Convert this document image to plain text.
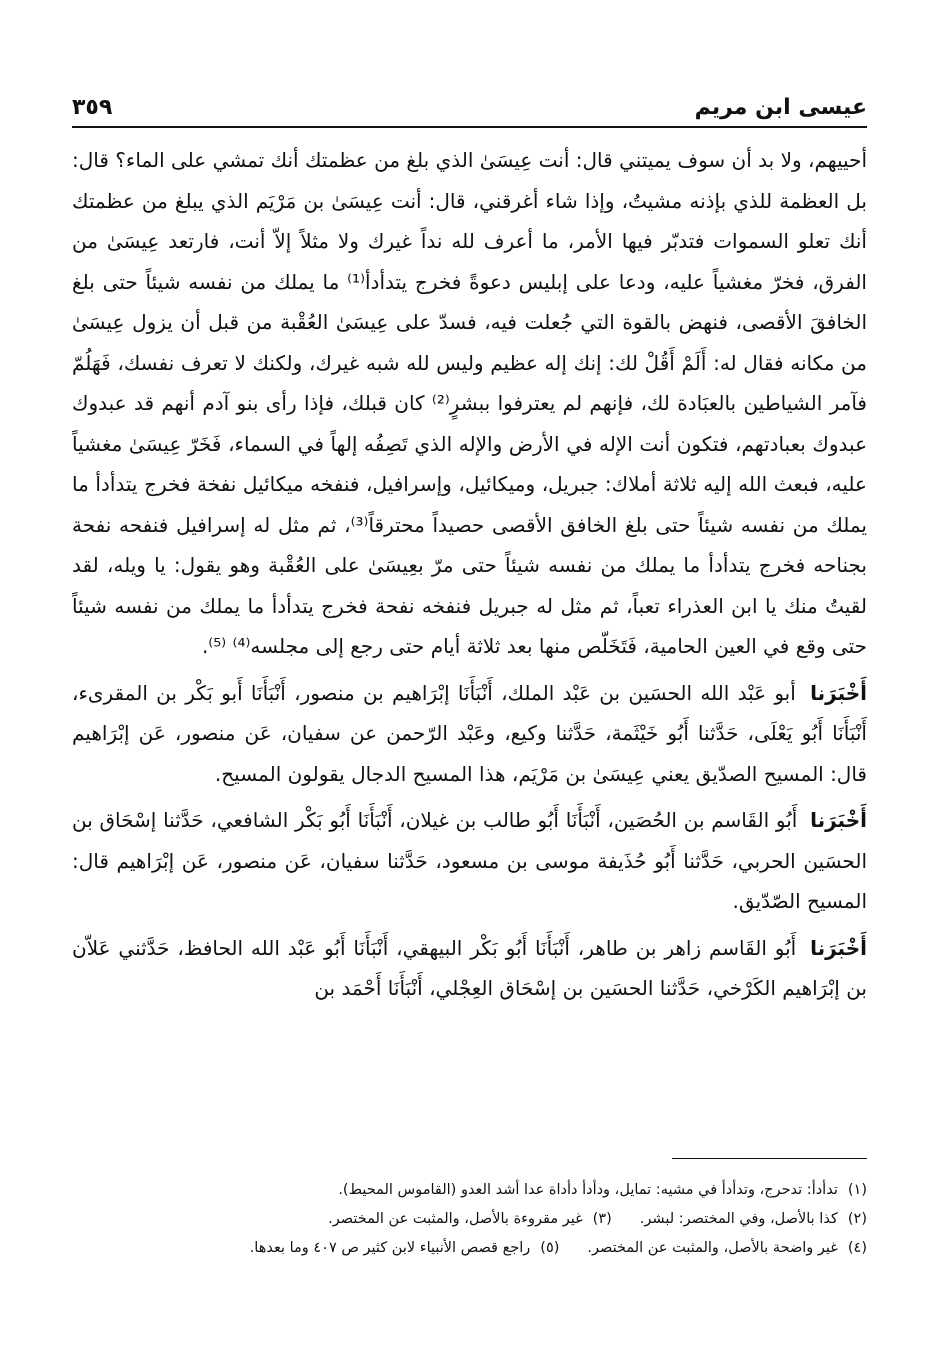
عيسى ابن مريم
٣٥٩

أحييهم، ولا بد أن سوف يميتني قال: أنت عِيسَىٰ الذي بلغ من عظمتك أنك تمشي على الماء؟ قال: بل العظمة للذي بإذنه مشيتُ، وإذا شاء أغرقني، قال: أنت عِيسَىٰ بن مَرْيَم الذي يبلغ من عظمتك أنك تعلو السموات فتدبّر فيها الأمر، ما أعرف لله نداً غيرك ولا مثلاً إلاّ أنت، فارتعد عِيسَىٰ من الفرق، فخرّ مغشياً عليه، ودعا على إبليس دعوةً فخرج يتدأدأ⁽¹⁾ ما يملك من نفسه شيئاً حتى بلغ الخافقَ الأقصى، فنهض بالقوة التي جُعلت فيه، فسدّ على عِيسَىٰ العُقْبة من قبل أن يزول عِيسَىٰ من مكانه فقال له: أَلَمْ أَقُلْ لك: إنك إله عظيم وليس لله شبه غيرك، ولكنك لا تعرف نفسك، فَهَلُمّ فآمر الشياطين بالعبَادة لك، فإنهم لم يعترفوا ببشرٍ⁽²⁾ كان قبلك، فإذا رأى بنو آدم أنهم قد عبدوك عبدوك بعبادتهم، فتكون أنت الإله في الأرض والإله الذي تَصِفُه إلهاً في السماء، فَخَرّ عِيسَىٰ مغشياً عليه، فبعث الله إليه ثلاثة أملاك: جبريل، وميكائيل، وإسرافيل، فنفخه ميكائيل نفخة فخرج يتدأدأ ما يملك من نفسه شيئاً حتى بلغ الخافق الأقصى حصيداً محترقاً⁽³⁾، ثم مثل له إسرافيل فنفحه نفحة بجناحه فخرج يتدأدأ ما يملك من نفسه شيئاً حتى مرّ بعِيسَىٰ على العُقْبة وهو يقول: يا ويله، لقد لقيتُ منك يا ابن العذراء تعباً، ثم مثل له جبريل فنفخه نفحة فخرج يتدأدأ ما يملك من نفسه شيئاً حتى وقع في العين الحامية، فَتَخَلّص منها بعد ثلاثة أيام حتى رجع إلى مجلسه⁽⁴⁾ ⁽⁵⁾.

أَخْبَرَنا أبو عَبْد الله الحسَين بن عَبْد الملك، أَنْبَأَنَا إبْرَاهيم بن منصور، أَنْبَأَنَا أَبو بَكْر بن المقرىء، أَنْبَأَنَا أَبُو يَعْلَى، حَدَّثنا أَبُو خَيْثَمة، حَدَّثنا وكيع، وعَبْد الرّحمن عن سفيان، عَن منصور، عَن إبْرَاهيم قال: المسيح الصدّيق يعني عِيسَىٰ بن مَرْيَم، هذا المسيح الدجال يقولون المسيح.

أَخْبَرَنا أَبُو القَاسم بن الحُصَين، أَنْبَأَنَا أَبُو طالب بن غيلان، أَنْبَأَنَا أَبُو بَكْر الشافعي، حَدَّثنا إسْحَاق بن الحسَين الحربي، حَدَّثنا أَبُو حُذَيفة موسى بن مسعود، حَدَّثنا سفيان، عَن منصور، عَن إبْرَاهيم قال: المسيح الصّدّيق.

أَخْبَرَنا أَبُو القَاسم زاهر بن طاهر، أَنْبَأَنَا أَبُو بَكْر البيهقي، أَنْبَأَنَا أَبُو عَبْد الله الحافظ، حَدَّثني عَلاّن بن إبْرَاهيم الكَرْخي، حَدَّثنا الحسَين بن إسْحَاق العِجْلي، أَنْبَأَنَا أَحْمَد بن

(١)تدأدأ: تدحرج، وتدأدأ في مشيه: تمايل، ودأدأ دأداة عدا أشد العدو (القاموس المحيط).
(٢)كذا بالأصل، وفي المختصر: لبشر.
(٣)غير مقروءة بالأصل، والمثبت عن المختصر.
(٤)غير واضحة بالأصل، والمثبت عن المختصر.
(٥)راجع قصص الأنبياء لابن كثير ص ٤٠٧ وما بعدها.
